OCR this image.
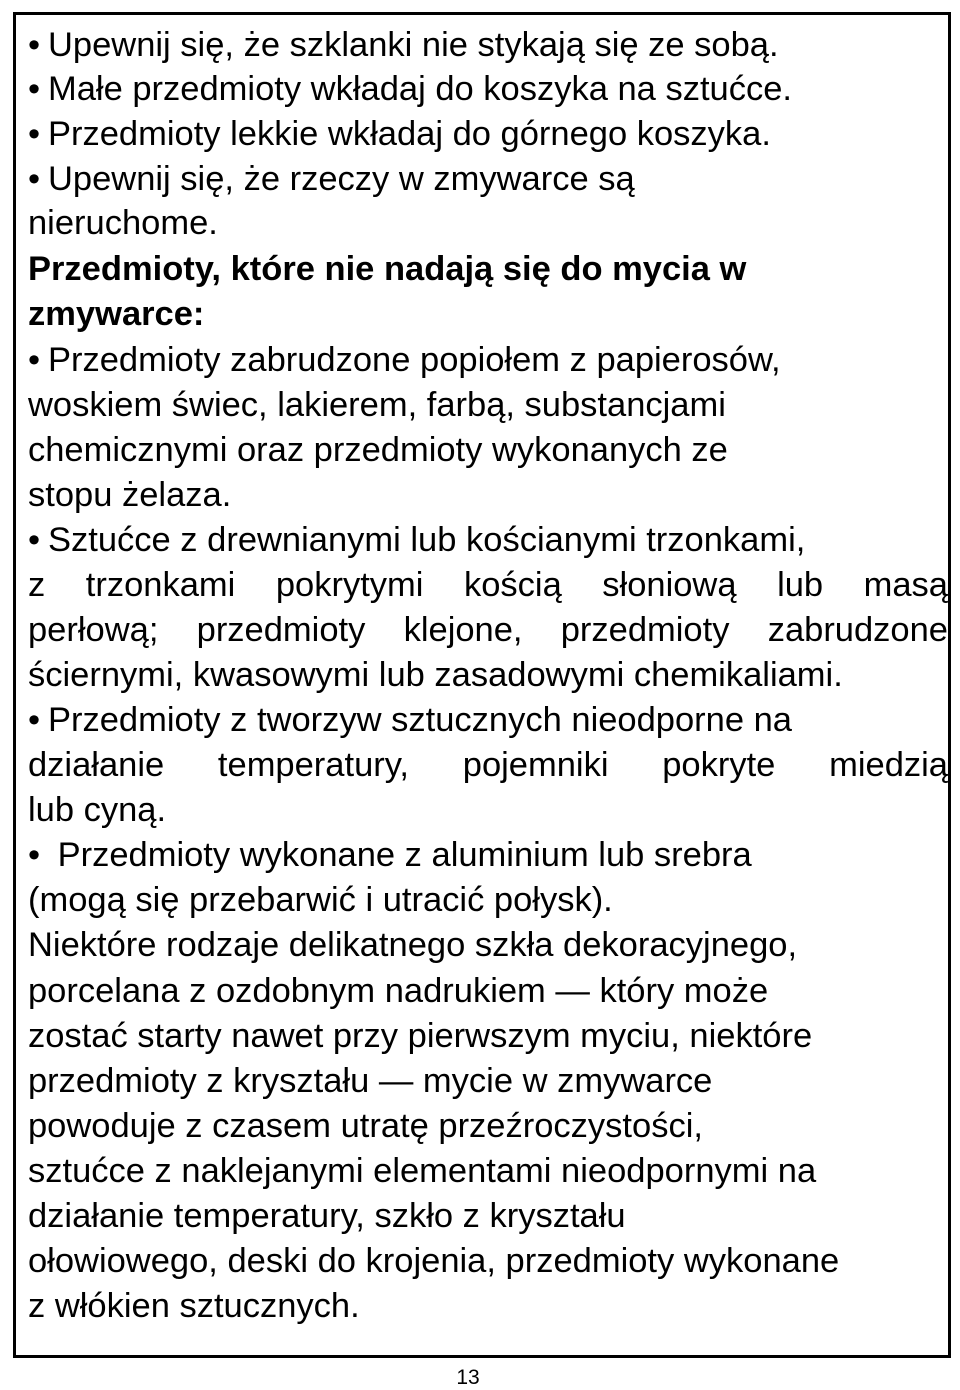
• Upewnij się, że szklanki nie stykają się ze sobą.

• Małe przedmioty wkładaj do koszyka na sztućce.

• Przedmioty lekkie wkładaj do górnego koszyka.

• Upewnij się, że rzeczy w zmywarce są

nieruchome.

Przedmioty, które nie nadają się do mycia w

zmywarce:

• Przedmioty zabrudzone popiołem z papierosów,

woskiem świec, lakierem, farbą, substancjami

chemicznymi oraz przedmioty wykonanych ze

stopu żelaza.

• Sztućce z drewnianymi lub kościanymi trzonkami,

z trzonkami pokrytymi kością słoniową lub masą

perłową; przedmioty klejone, przedmioty zabrudzone

ściernymi, kwasowymi lub zasadowymi chemikaliami.

• Przedmioty z tworzyw sztucznych nieodporne na

działanie temperatury, pojemniki pokryte miedzią

lub cyną.

• Przedmioty wykonane z aluminium lub srebra

(mogą się przebarwić i utracić połysk).

Niektóre rodzaje delikatnego szkła dekoracyjnego,

porcelana z ozdobnym nadrukiem — który może

zostać starty nawet przy pierwszym myciu, niektóre

przedmioty z kryształu — mycie w zmywarce

powoduje z czasem utratę przeźroczystości,

sztućce z naklejanymi elementami nieodpornymi na

działanie temperatury, szkło z kryształu

ołowiowego, deski do krojenia, przedmioty wykonane

z włókien sztucznych.

13
